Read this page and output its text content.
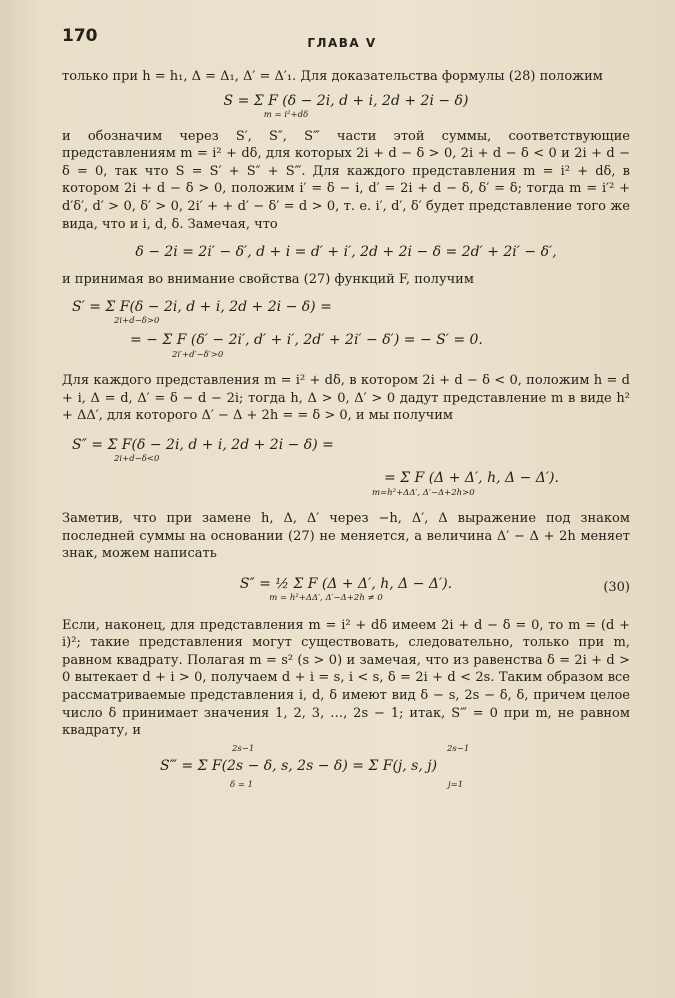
170	ГЛАВА V

только при h = h₁, Δ = Δ₁, Δ′ = Δ′₁. Для доказательства формулы (28) положим

S = Σ F (δ − 2i, d + i, 2d + 2i − δ)
m = i²+dδ

и обозначим через S′, S″, S‴ части этой суммы, соответствующие представлениям m = i² + dδ, для которых 2i + d − δ > 0, 2i + d − δ < 0 и 2i + d − δ = 0, так что S = S′ + S″ + S‴. Для каждого представления m = i² + dδ, в котором 2i + d − δ > 0, положим i′ = δ − i, d′ = 2i + d − δ, δ′ = δ; тогда m = i′² + d′δ′, d′ > 0, δ′ > 0, 2i′ + + d′ − δ′ = d > 0, т. е. i′, d′, δ′ будет представление того же вида, что и i, d, δ. Замечая, что

δ − 2i = 2i′ − δ′, d + i = d′ + i′, 2d + 2i − δ = 2d′ + 2i′ − δ′,

и принимая во внимание свойства (27) функций F, получим

S′ = Σ F(δ − 2i, d + i, 2d + 2i − δ) =
2i+d−δ>0
= − Σ F (δ′ − 2i′, d′ + i′, 2d′ + 2i′ − δ′) = − S′ = 0.
2i′+d′−δ′>0

Для каждого представления m = i² + dδ, в котором 2i + d − δ < 0, положим h = d + i, Δ = d, Δ′ = δ − d − 2i; тогда h, Δ > 0, Δ′ > 0 дадут представление m в виде h² + ΔΔ′, для которого Δ′ − Δ + 2h = = δ > 0, и мы получим

S″ = Σ F(δ − 2i, d + i, 2d + 2i − δ) =
2i+d−δ<0
= Σ F (Δ + Δ′, h, Δ − Δ′).
m=h²+ΔΔ′, Δ′−Δ+2h>0

Заметив, что при замене h, Δ, Δ′ через −h, Δ′, Δ выражение под знаком последней суммы на основании (27) не меняется, а величина Δ′ − Δ + 2h меняет знак, можем написать

S″ = ½ Σ F (Δ + Δ′, h, Δ − Δ′).
m = h²+ΔΔ′, Δ′−Δ+2h ≠ 0
(30)

Если, наконец, для представления m = i² + dδ имеем 2i + d − δ = 0, то m = (d + i)²; такие представления могут существовать, следовательно, только при m, равном квадрату. Полагая m = s² (s > 0) и замечая, что из равенства δ = 2i + d > 0 вытекает d + i > 0, получаем d + i = s, i < s, δ = 2i + d < 2s. Таким образом все рассматриваемые представления i, d, δ имеют вид δ − s, 2s − δ, δ, причем целое число δ принимает значения 1, 2, 3, …, 2s − 1; итак, S‴ = 0 при m, не равном квадрату, и

2s−1	2s−1
S‴ = Σ F(2s − δ, s, 2s − δ) = Σ F(j, s, j)
δ = 1	j=1
